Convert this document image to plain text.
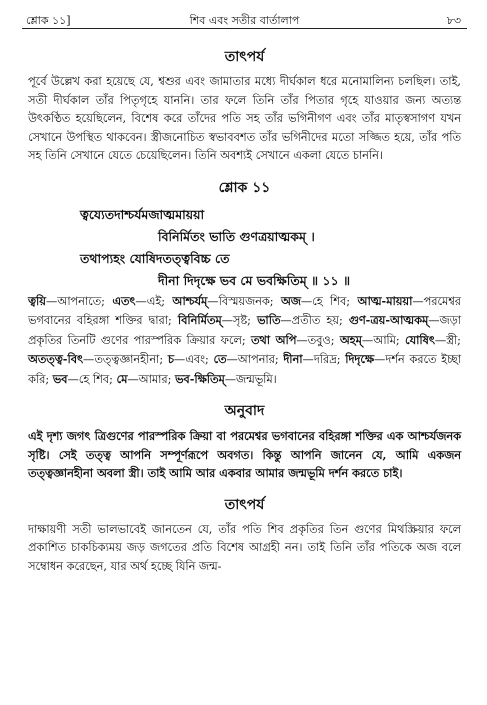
শ্লোক ১১]	শিব এবং সতীর বার্তালাপ	৮৩
তাৎপর্য

পূর্বে উল্লেখ করা হয়েছে যে, শ্বশুর এবং জামাতার মধ্যে দীর্ঘকাল ধরে মনোমালিন্য চলছিল। তাই, সতী দীর্ঘকাল তাঁর পিতৃগৃহে যাননি। তার ফলে তিনি তাঁর পিতার গৃহে যাওয়ার জন্য অত্যন্ত উৎকণ্ঠিত হয়েছিলেন, বিশেষ করে তাঁদের পতি সহ তাঁর ভগিনীগণ এবং তাঁর মাতৃস্বসাগণ যখন সেখানে উপস্থিত থাকবেন। স্ত্রীজনোচিত স্বভাববশত তাঁর ভগিনীদের মতো সজ্জিত হয়ে, তাঁর পতি সহ তিনি সেখানে যেতে চেয়েছিলেন। তিনি অবশ্যই সেখানে একলা যেতে চাননি।

শ্লোক ১১
ত্বয্যেতদাশ্চর্যমজাত্মমায়য়া
বিনির্মিতং ভাতি গুণত্রয়াত্মকম্ ।
তথাপ্যহং যোষিদতত্ত্ববিচ্চ তে
দীনা দিদৃক্ষে ভব মে ভবক্ষিতিম্ ॥ ১১ ॥

ত্বয়ি—আপনাতে; এতৎ—এই; আশ্চর্যম্—বিস্ময়জনক; অজ—হে শিব; আত্ম-মায়য়া—পরমেশ্বর ভগবানের বহিরঙ্গা শক্তির দ্বারা; বিনির্মিতম্—সৃষ্ট; ভাতি—প্রতীত হয়; গুণ-ত্রয়-আত্মকম্—জড়া প্রকৃতির তিনটি গুণের পারস্পরিক ক্রিয়ার ফলে; তথা অপি—তবুও; অহম্—আমি; যোষিৎ—স্ত্রী; অতত্ত্ব-বিৎ—তত্ত্বজ্ঞানহীনা; চ—এবং; তে—আপনার; দীনা—দরিদ্র; দিদৃক্ষে—দর্শন করতে ইচ্ছা করি; ভব—হে শিব; মে—আমার; ভব-ক্ষিতিম্—জন্মভূমি।

অনুবাদ

এই দৃশ্য জগৎ ত্রিগুণের পারস্পরিক ক্রিয়া বা পরমেশ্বর ভগবানের বহিরঙ্গা শক্তির এক আশ্চর্যজনক সৃষ্টি। সেই তত্ত্ব আপনি সম্পূর্ণরূপে অবগত। কিন্তু আপনি জানেন যে, আমি একজন তত্ত্বজ্ঞানহীনা অবলা স্ত্রী। তাই আমি আর একবার আমার জন্মভূমি দর্শন করতে চাই।

তাৎপর্য

দাক্ষায়ণী সতী ভালভাবেই জানতেন যে, তাঁর পতি শিব প্রকৃতির তিন গুণের মিথস্ক্রিয়ার ফলে প্রকাশিত চাকচিক্যময় জড় জগতের প্রতি বিশেষ আগ্রহী নন। তাই তিনি তাঁর পতিকে অজ বলে সম্বোধন করেছেন, যার অর্থ হচ্ছে যিনি জন্ম-
